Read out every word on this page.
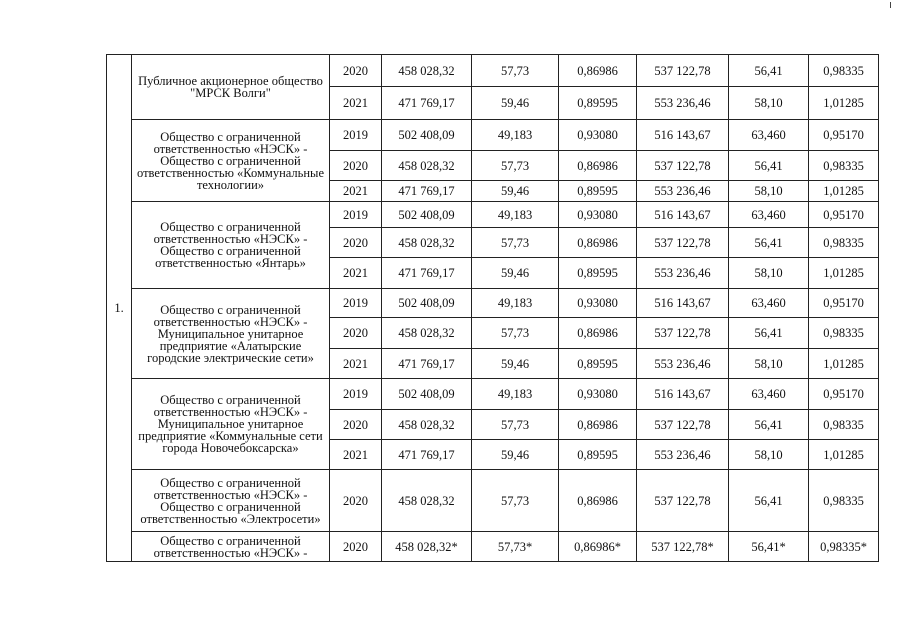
1.	Публичное акционерное общество "МРСК Волги"	2020	458 028,32	57,73	0,86986	537 122,78	56,41	0,98335
		2021	471 769,17	59,46	0,89595	553 236,46	58,10	1,01285
	Общество с ограниченной ответственностью «НЭСК» - Общество с ограниченной ответственностью «Коммунальные технологии»	2019	502 408,09	49,183	0,93080	516 143,67	63,460	0,95170
		2020	458 028,32	57,73	0,86986	537 122,78	56,41	0,98335
		2021	471 769,17	59,46	0,89595	553 236,46	58,10	1,01285
	Общество с ограниченной ответственностью «НЭСК» - Общество с ограниченной ответственностью «Янтарь»	2019	502 408,09	49,183	0,93080	516 143,67	63,460	0,95170
		2020	458 028,32	57,73	0,86986	537 122,78	56,41	0,98335
		2021	471 769,17	59,46	0,89595	553 236,46	58,10	1,01285
	Общество с ограниченной ответственностью «НЭСК» - Муниципальное унитарное предприятие «Алатырские городские электрические сети»	2019	502 408,09	49,183	0,93080	516 143,67	63,460	0,95170
		2020	458 028,32	57,73	0,86986	537 122,78	56,41	0,98335
		2021	471 769,17	59,46	0,89595	553 236,46	58,10	1,01285
	Общество с ограниченной ответственностью «НЭСК» - Муниципальное унитарное предприятие «Коммунальные сети города Новочебоксарска»	2019	502 408,09	49,183	0,93080	516 143,67	63,460	0,95170
		2020	458 028,32	57,73	0,86986	537 122,78	56,41	0,98335
		2021	471 769,17	59,46	0,89595	553 236,46	58,10	1,01285
	Общество с ограниченной ответственностью «НЭСК» - Общество с ограниченной ответственностью «Электросети»	2020	458 028,32	57,73	0,86986	537 122,78	56,41	0,98335
	Общество с ограниченной ответственностью «НЭСК» -	2020	458 028,32*	57,73*	0,86986*	537 122,78*	56,41*	0,98335*
